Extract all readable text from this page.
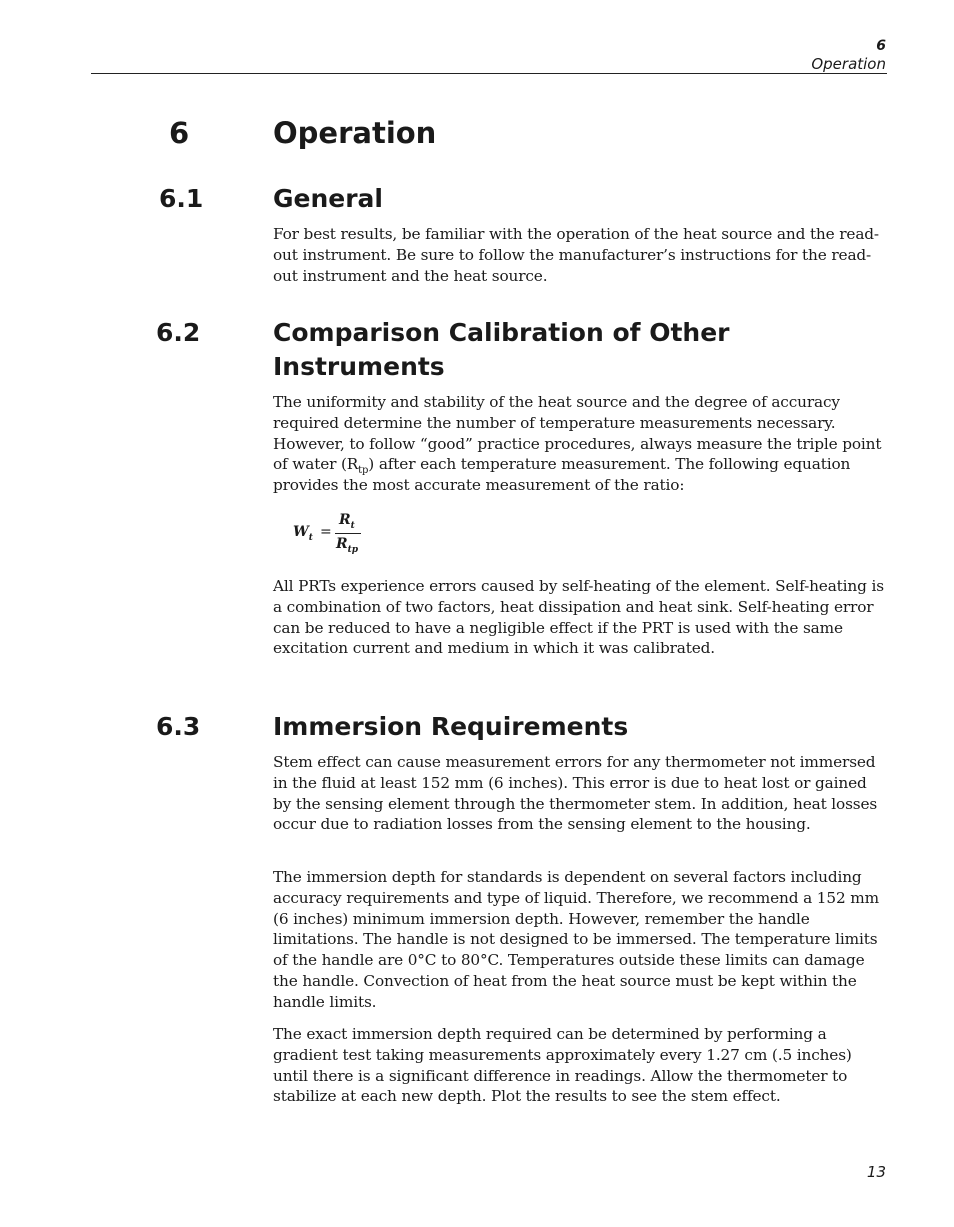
6
Operation
6	Operation
6.1	General

For best results, be familiar with the operation of the heat source and the read-out instrument. Be sure to follow the manufacturer’s instructions for the read-out instrument and the heat source.

6.2	Comparison Calibration of Other
Instruments

The uniformity and stability of the heat source and the degree of accuracy required determine the number of temperature measurements necessary. However, to follow “good” practice procedures, always measure the triple point of water $(R_{tp})$ after each temperature measurement. The following equation provides the most accurate measurement of the ratio:

$W_t$ =
$R_t$
$R_{tp}$

All PRTs experience errors caused by self-heating of the element. Self-heating is a combination of two factors, heat dissipation and heat sink. Self-heating error can be reduced to have a negligible effect if the PRT is used with the same excitation current and medium in which it was calibrated.

6.3	Immersion Requirements

Stem effect can cause measurement errors for any thermometer not immersed in the fluid at least 152 mm (6 inches). This error is due to heat lost or gained by the sensing element through the thermometer stem. In addition, heat losses occur due to radiation losses from the sensing element to the housing.

The immersion depth for standards is dependent on several factors including accuracy requirements and type of liquid. Therefore, we recommend a 152 mm (6 inches) minimum immersion depth. However, remember the handle limitations. The handle is not designed to be immersed. The temperature limits of the handle are 0°C to 80°C. Temperatures outside these limits can damage the handle. Convection of heat from the heat source must be kept within the handle limits.

The exact immersion depth required can be determined by performing a gradient test taking measurements approximately every 1.27 cm (.5 inches) until there is a significant difference in readings. Allow the thermometer to stabilize at each new depth. Plot the results to see the stem effect.

13
